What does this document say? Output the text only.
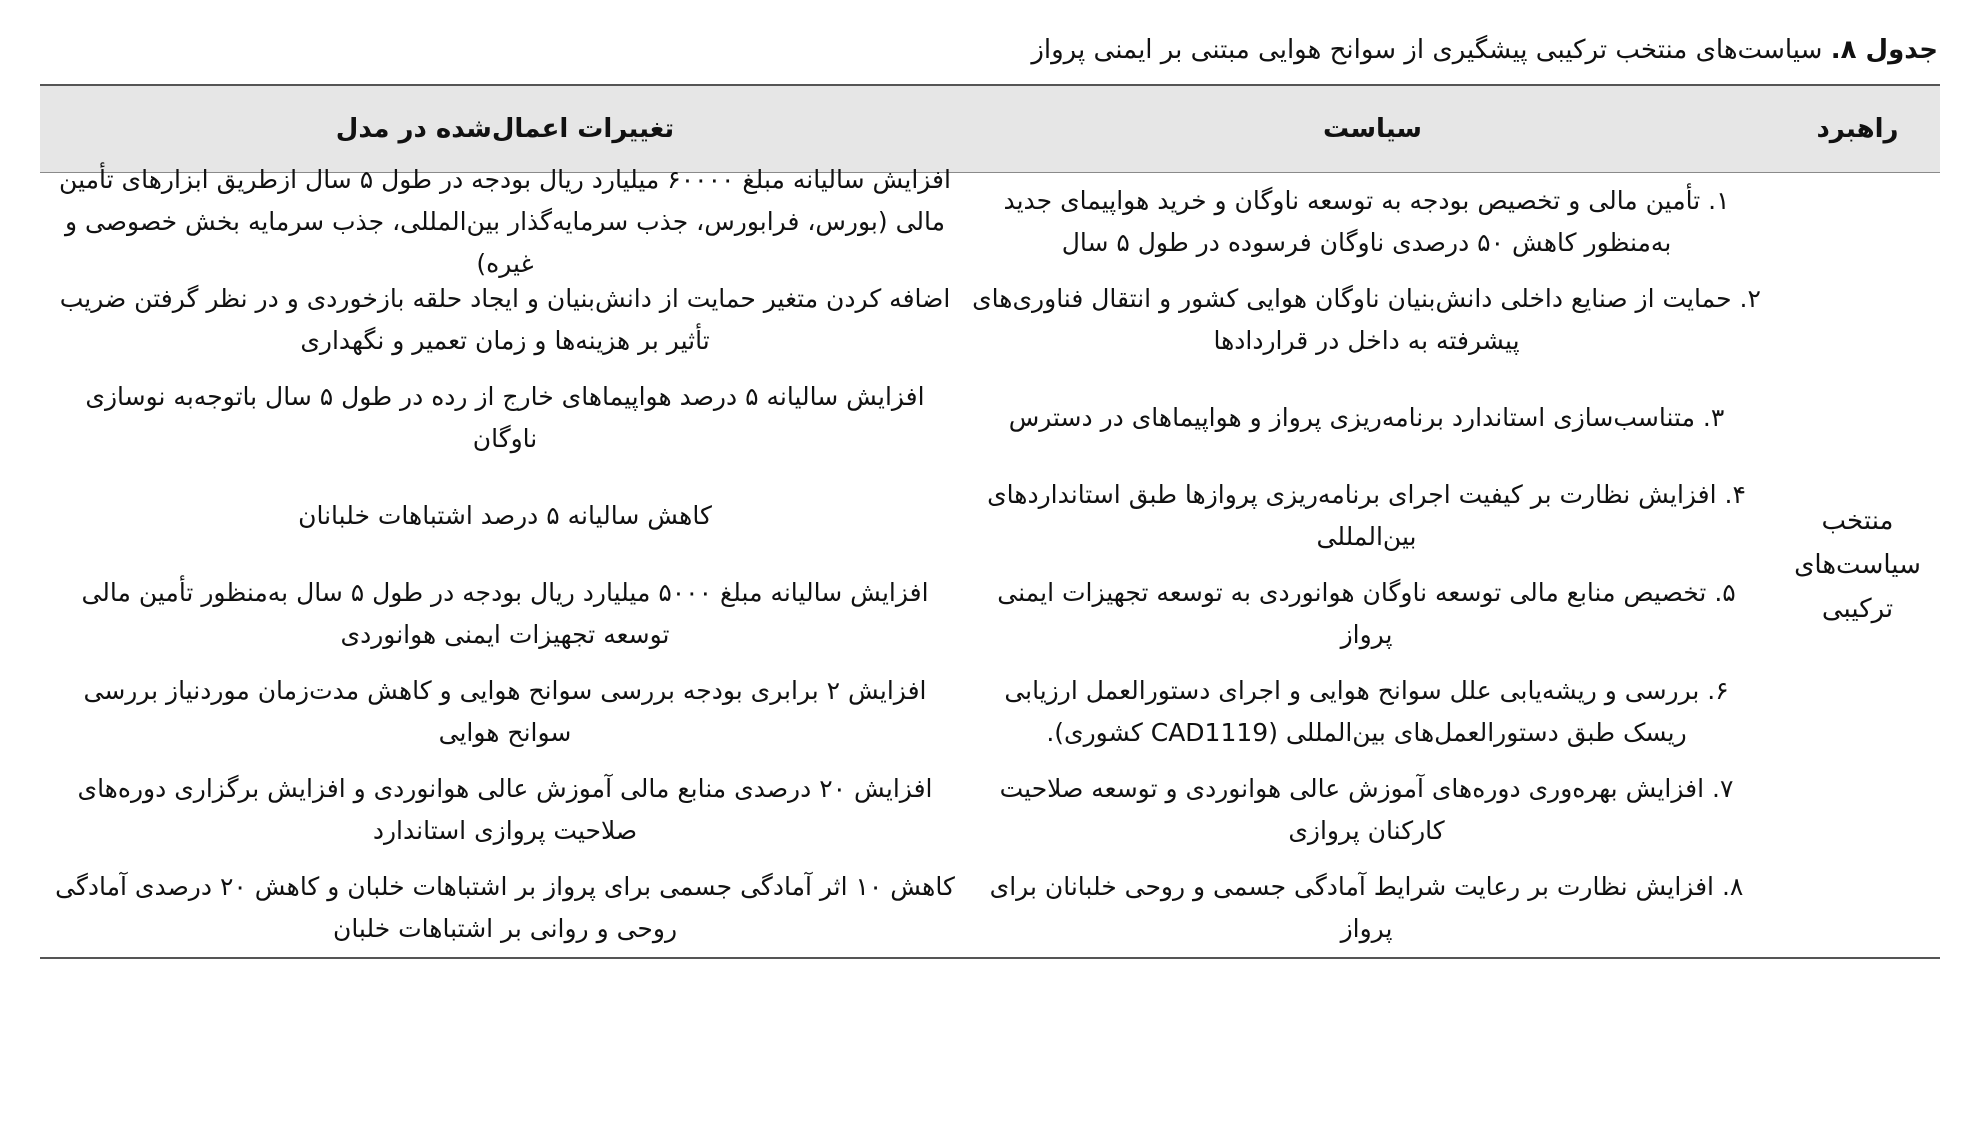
جدول ۸. سیاست‌های منتخب ترکیبی پیشگیری از سوانح هوایی مبتنی بر ایمنی پرواز
راهبرد
سیاست
تغییرات اعمال‌شده در مدل
منتخب سیاست‌های ترکیبی
۱. تأمین مالی و تخصیص بودجه به توسعه ناوگان و خرید هواپیمای جدید به‌منظور کاهش ۵۰ درصدی ناوگان فرسوده در طول ۵ سال
افزایش سالیانه مبلغ ۶۰۰۰۰ میلیارد ریال بودجه در طول ۵ سال ازطریق ابزارهای تأمین مالی (بورس، فرابورس، جذب سرمایه‌گذار بین‌المللی، جذب سرمایه بخش خصوصی و غیره)
۲. حمایت از صنایع داخلی دانش‌بنیان ناوگان هوایی کشور و انتقال فناوری‌های پیشرفته به داخل در قراردادها
اضافه کردن متغیر حمایت از دانش‌بنیان و ایجاد حلقه بازخوردی و در نظر گرفتن ضریب تأثیر بر هزینه‌ها و زمان تعمیر و نگهداری
۳. متناسب‌سازی استاندارد برنامه‌ریزی پرواز و هواپیماهای در دسترس
افزایش سالیانه ۵ درصد هواپیماهای خارج از رده در طول ۵ سال باتوجه‌به نوسازی ناوگان
۴. افزایش نظارت بر کیفیت اجرای برنامه‌ریزی پروازها طبق استانداردهای بین‌المللی
کاهش سالیانه ۵ درصد اشتباهات خلبانان
۵. تخصیص منابع مالی توسعه ناوگان هوانوردی به توسعه تجهیزات ایمنی پرواز
افزایش سالیانه مبلغ ۵۰۰۰ میلیارد ریال بودجه در طول ۵ سال به‌منظور تأمین مالی توسعه تجهیزات ایمنی هوانوردی
۶. بررسی و ریشه‌یابی علل سوانح هوایی و اجرای دستورالعمل ارزیابی ریسک طبق دستورالعمل‌های بین‌المللی (CAD1119 کشوری).
افزایش ۲ برابری بودجه بررسی سوانح هوایی و کاهش مدت‌زمان موردنیاز بررسی سوانح هوایی
۷. افزایش بهره‌وری دوره‌های آموزش عالی هوانوردی و توسعه صلاحیت کارکنان پروازی
افزایش ۲۰ درصدی منابع مالی آموزش عالی هوانوردی و افزایش برگزاری دوره‌های صلاحیت پروازی استاندارد
۸. افزایش نظارت بر رعایت شرایط آمادگی جسمی و روحی خلبانان برای پرواز
کاهش ۱۰ اثر آمادگی جسمی برای پرواز بر اشتباهات خلبان و کاهش ۲۰ درصدی آمادگی روحی و روانی بر اشتباهات خلبان
